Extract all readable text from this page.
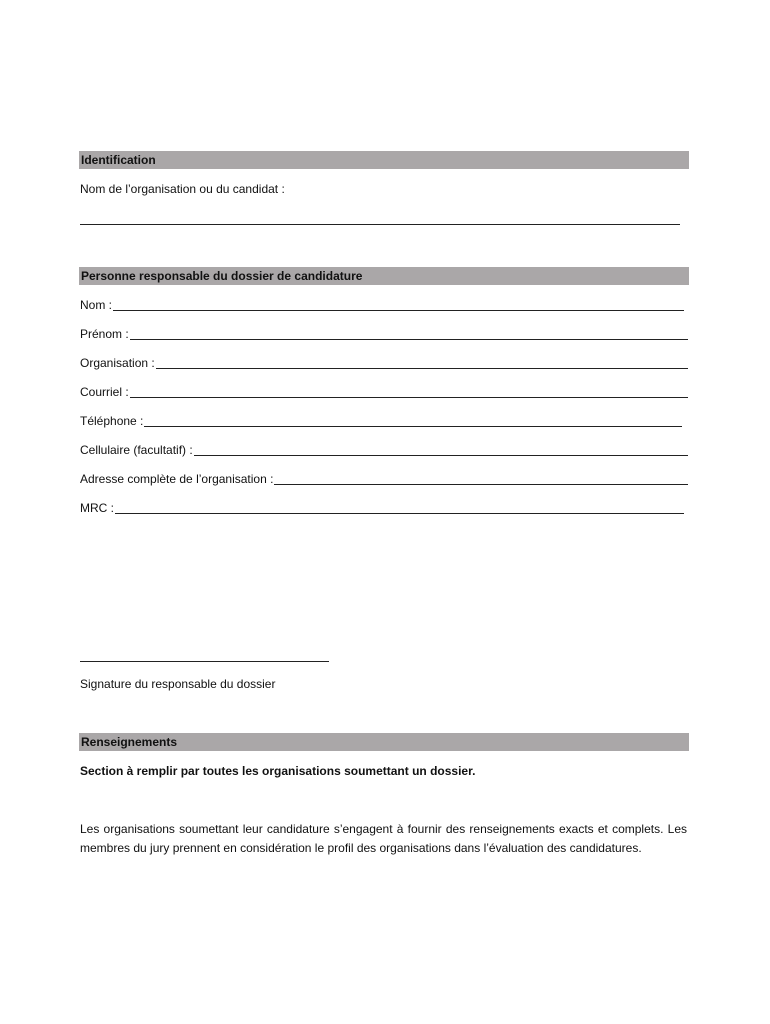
Identification
Nom de l’organisation ou du candidat :
Personne responsable du dossier de candidature
Nom :
Prénom :
Organisation :
Courriel :
Téléphone :
Cellulaire (facultatif) :
Adresse complète de l’organisation :
MRC :
Signature du responsable du dossier
Renseignements
Section à remplir par toutes les organisations soumettant un dossier.
Les organisations soumettant leur candidature s’engagent à fournir des renseignements exacts et complets. Les membres du jury prennent en considération le profil des organisations dans l’évaluation des candidatures.
